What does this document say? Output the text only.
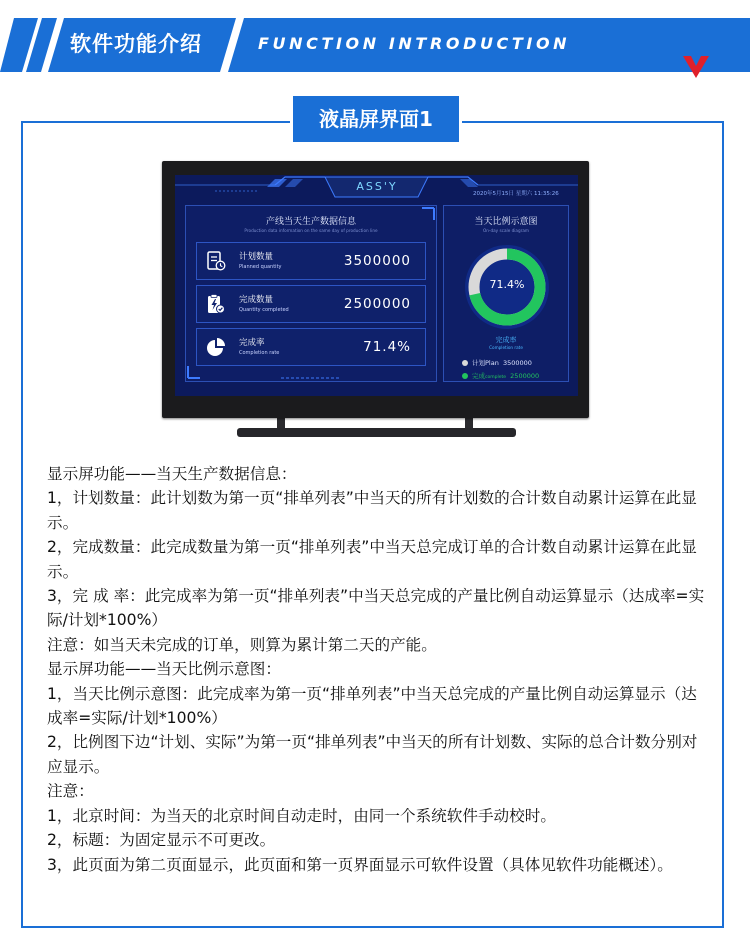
软件功能介绍	FUNCTION INTRODUCTION
液晶屏界面1
ASS'Y
2020年5月15日 星期六 11:35:26
产线当天生产数据信息
Production data information on the same day of production line
计划数量
Planned quantity	3500000
完成数量
Quantity completed	2500000
完成率
Completion rate	71.4%
当天比例示意图
On-day scale diagram
71.4%
完成率
Completion rate
计划Plan 3500000
完成complete 2500000

显示屏功能——当天生产数据信息：

1，计划数量：此计划数为第一页“排单列表”中当天的所有计划数的合计数自动累计运算在此显示。

2，完成数量：此完成数量为第一页“排单列表”中当天总完成订单的合计数自动累计运算在此显示。

3，完 成 率：此完成率为第一页“排单列表”中当天总完成的产量比例自动运算显示（达成率=实际/计划*100%）

注意：如当天未完成的订单，则算为累计第二天的产能。

显示屏功能——当天比例示意图：

1，当天比例示意图：此完成率为第一页“排单列表”中当天总完成的产量比例自动运算显示（达成率=实际/计划*100%）

2，比例图下边“计划、实际”为第一页“排单列表”中当天的所有计划数、实际的总合计数分别对应显示。

注意：

1，北京时间：为当天的北京时间自动走时，由同一个系统软件手动校时。

2，标题：为固定显示不可更改。

3，此页面为第二页面显示，此页面和第一页界面显示可软件设置（具体见软件功能概述）。
